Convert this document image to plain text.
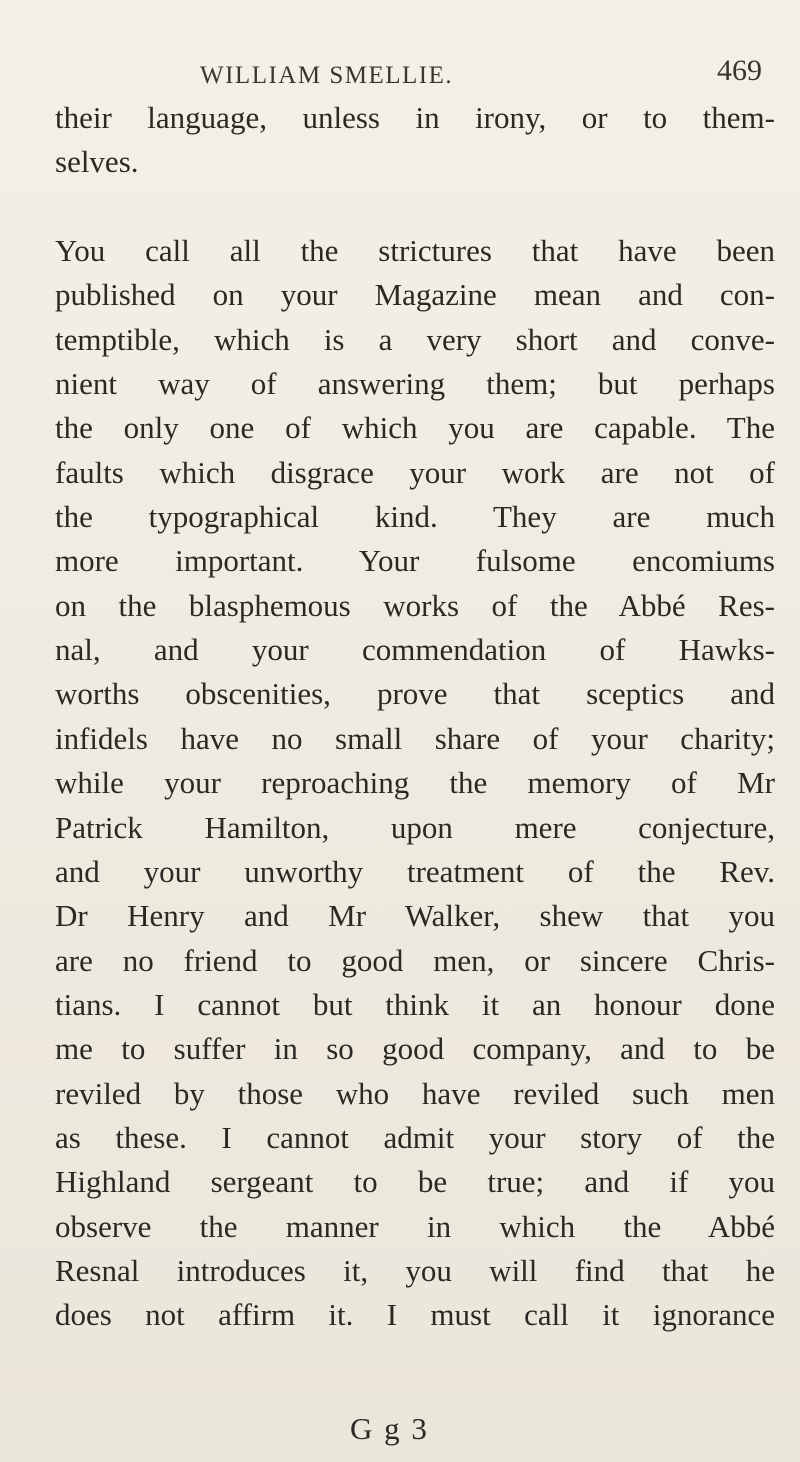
WILLIAM SMELLIE.	469
their language, unless in irony, or to them-
selves.
You call all the strictures that have been
published on your Magazine mean and con-
temptible, which is a very short and conve-
nient way of answering them; but perhaps
the only one of which you are capable. The
faults which disgrace your work are not of
the typographical kind. They are much
more important. Your fulsome encomiums
on the blasphemous works of the Abbé Res-
nal, and your commendation of Hawks-
worths obscenities, prove that sceptics and
infidels have no small share of your charity;
while your reproaching the memory of Mr
Patrick Hamilton, upon mere conjecture,
and your unworthy treatment of the Rev.
Dr Henry and Mr Walker, shew that you
are no friend to good men, or sincere Chris-
tians. I cannot but think it an honour done
me to suffer in so good company, and to be
reviled by those who have reviled such men
as these. I cannot admit your story of the
Highland sergeant to be true; and if you
observe the manner in which the Abbé
Resnal introduces it, you will find that he
does not affirm it. I must call it ignorance
G g 3
